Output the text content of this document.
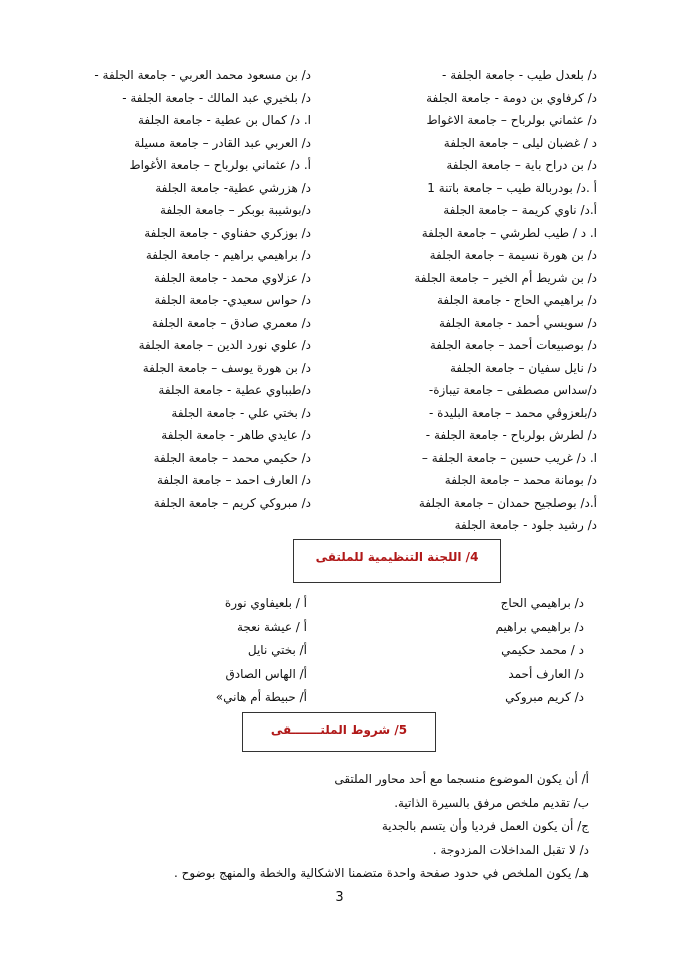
د/ بلعدل طيب - جامعة الجلفة -
د/ كرفاوي بن دومة - جامعة الجلفة
د/ عثماني بولرباح – جامعة الاغواط
د / غضبان ليلى – جامعة الجلفة
د/ بن دراح باية – جامعة الجلفة
أ .د/ بودربالة طيب – جامعة باتنة 1
أ.د/ ناوي كريمة – جامعة الجلفة
ا. د / طيب لطرشي – جامعة الجلفة
د/ بن هورة نسيمة – جامعة الجلفة
د/ بن شريط أم الخير – جامعة الجلفة
د/ براهيمي الحاج - جامعة الجلفة
د/ سويسي أحمد - جامعة الجلفة
د/ بوصبيعات أحمد – جامعة الجلفة
د/ نايل سفيان – جامعة الجلفة
د/سداس مصطفى – جامعة تيبازة-
د/بلعزوڨي محمد – جامعة البليدة -
د/ لطرش بولرباح - جامعة الجلفة -
ا. د/ غريب حسين – جامعة الجلفة –
د/ بومانة محمد – جامعة الجلفة
أ.د/ بوصلجيح حمدان – جامعة الجلفة
د/ رشيد جلود - جامعة الجلفة
د/ بن مسعود محمد العربي - جامعة الجلفة -
د/ بلخيري عبد المالك - جامعة الجلفة -
ا. د/ كمال بن عطية - جامعة الجلفة
د/ العربي عبد القادر – جامعة مسيلة
أ. د/ عثماني بولرباح – جامعة الأغواط
د/ هزرشي عطية- جامعة الجلفة
د/بوشيبة بوبكر – جامعة الجلفة
د/ بوزكري حفناوي - جامعة الجلفة
د/ براهيمي براهيم - جامعة الجلفة
د/ عزلاوي محمد - جامعة الجلفة
د/ حواس سعيدي- جامعة الجلفة
د/ معمري صادق – جامعة الجلفة
د/ علوي نورد الدين – جامعة الجلفة
د/ بن هورة يوسف – جامعة الجلفة
د/طبباوي عطية - جامعة الجلفة
د/ بختي علي - جامعة الجلفة
د/ عايدي طاهر - جامعة الجلفة
د/ حكيمي محمد – جامعة الجلفة
د/ العارف احمد – جامعة الجلفة
د/ مبروكي كريم – جامعة الجلفة
4/ اللجنة التنظيمية للملتقى
د/ براهيمي الحاج
د/ براهيمي براهيم
د / محمد حكيمي
د/ العارف أحمد
د/ كريم مبروكي
أ / بلعيفاوي نورة
أ / عيشة نعجة
أ/ بختي نايل
أ/ الهاس الصادق
أ/ حبيطة أم هاني»
5/ شروط الملتـــــــقى
أ/ أن يكون الموضوع منسجما مع أحد محاور الملتقى
ب/ تقديم ملخص مرفق بالسيرة الذاتية.
ج/ أن يكون العمل فرديا وأن يتسم بالجدية
د/ لا تقبل المداخلات المزدوجة .
هـ/ يكون الملخص في حدود صفحة واحدة متضمنا الاشكالية والخطة والمنهج بوضوح .
3
